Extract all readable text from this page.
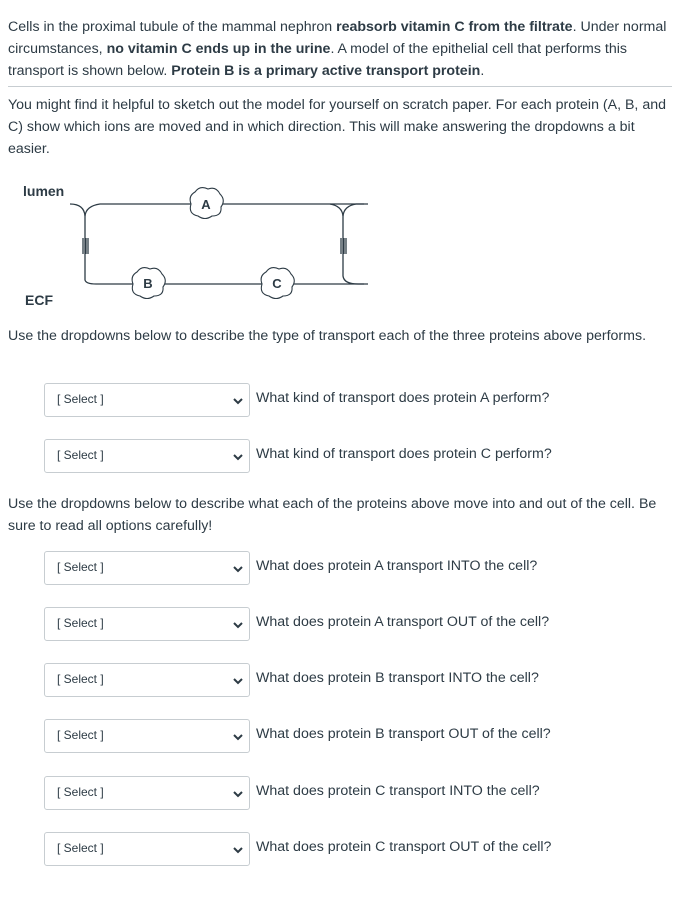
Cells in the proximal tubule of the mammal nephron reabsorb vitamin C from the filtrate. Under normal circumstances, no vitamin C ends up in the urine. A model of the epithelial cell that performs this transport is shown below. Protein B is a primary active transport protein.
You might find it helpful to sketch out the model for yourself on scratch paper. For each protein (A, B, and C) show which ions are moved and in which direction. This will make answering the dropdowns a bit easier.
lumen
ECF
A
B	C
Use the dropdowns below to describe the type of transport each of the three proteins above performs.
[ Select ]	What kind of transport does protein A perform?
[ Select ]	What kind of transport does protein C perform?
Use the dropdowns below to describe what each of the proteins above move into and out of the cell. Be sure to read all options carefully!
[ Select ]	What does protein A transport INTO the cell?
[ Select ]	What does protein A transport OUT of the cell?
[ Select ]	What does protein B transport INTO the cell?
[ Select ]	What does protein B transport OUT of the cell?
[ Select ]	What does protein C transport INTO the cell?
[ Select ]	What does protein C transport OUT of the cell?
